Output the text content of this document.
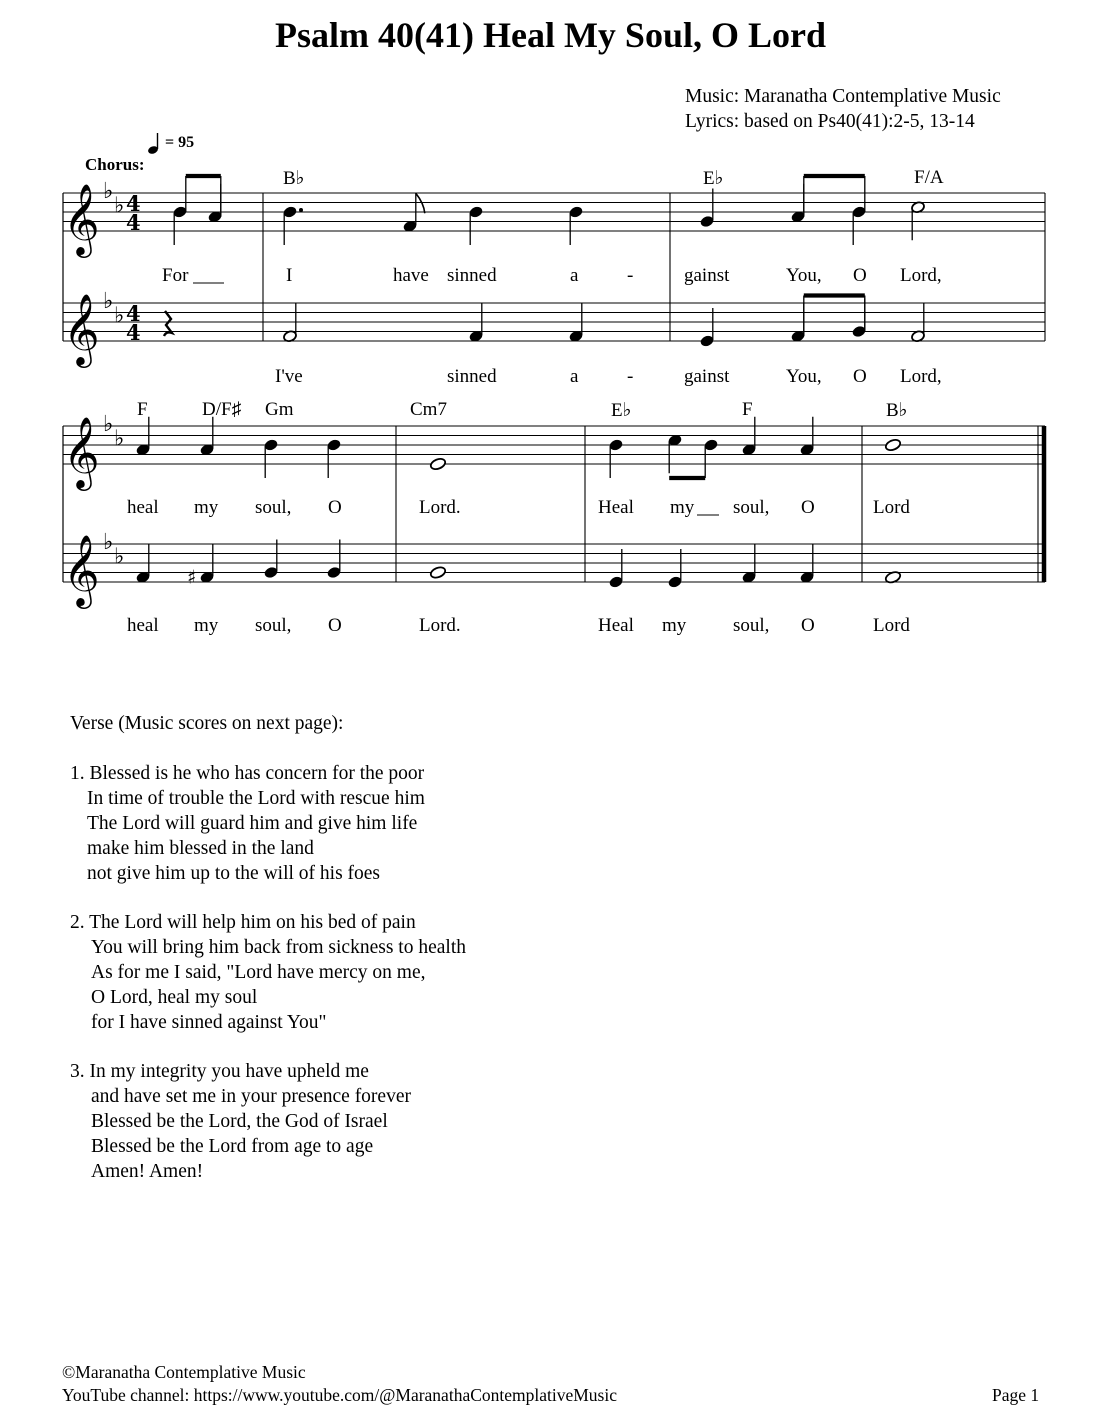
Psalm 40(41) Heal My Soul, O Lord
Music: Maranatha Contemplative Music
Lyrics: based on Ps40(41):2-5, 13-14
= 95
Chorus:
B♭	E♭	F/A
F	D/F♯ Gm	Cm7	E♭	F	B♭
𝄞
𝄞
♭
♭
♭
♭
4
4
4
4
𝄞
𝄞
♭
♭
♭
♭
♯
For	I	have sinned	a	-	gainst	You, O Lord,
I've	sinned	a	-	gainst	You, O Lord,
heal my soul, O	Lord.	Heal my soul, O	Lord
heal my soul, O	Lord.	Heal my soul, O	Lord
Verse (Music scores on next page):
1. Blessed is he who has concern for the poor
In time of trouble the Lord with rescue him
The Lord will guard him and give him life
make him blessed in the land
not give him up to the will of his foes
2. The Lord will help him on his bed of pain
You will bring him back from sickness to health
As for me I said, "Lord have mercy on me,
O Lord, heal my soul
for I have sinned against You"
3. In my integrity you have upheld me
and have set me in your presence forever
Blessed be the Lord, the God of Israel
Blessed be the Lord from age to age
Amen! Amen!
©Maranatha Contemplative Music
YouTube channel: https://www.youtube.com/@MaranathaContemplativeMusic	Page 1
